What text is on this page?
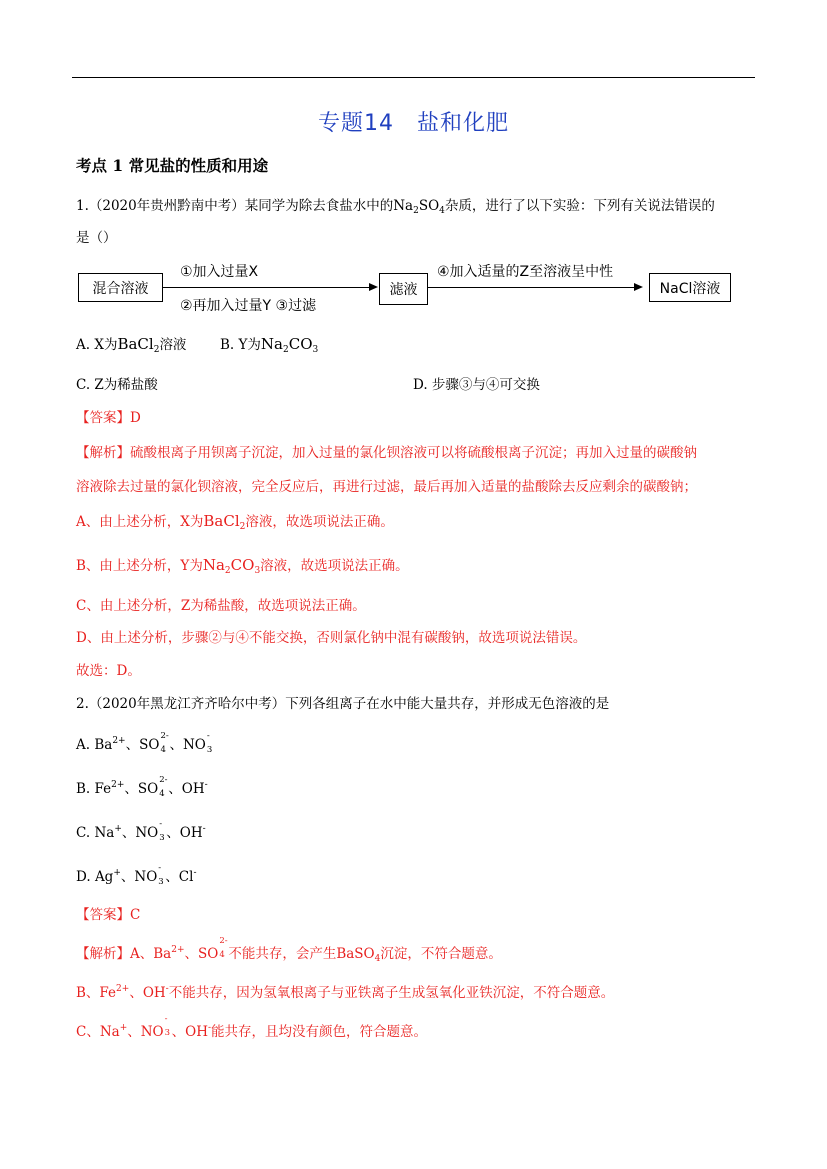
专题14　盐和化肥
考点 1 常见盐的性质和用途
1.（2020年贵州黔南中考）某同学为除去食盐水中的$Na_2SO_4$杂质，进行了以下实验：下列有关说法错误的
是（）
混合溶液
①加入过量X
②再加入过量Y ③过滤
滤液
④加入适量的Z至溶液呈中性
NaCl溶液
A. X为BaCl$_2$溶液 B. Y为$Na_2CO_3$
C. Z为稀盐酸	D. 步骤③与④可交换
【答案】D
【解析】硫酸根离子用钡离子沉淀，加入过量的氯化钡溶液可以将硫酸根离子沉淀；再加入过量的碳酸钠
溶液除去过量的氯化钡溶液，完全反应后，再进行过滤，最后再加入适量的盐酸除去反应剩余的碳酸钠；
A、由上述分析，X为BaCl$_2$溶液，故选项说法正确。
B、由上述分析，Y为$Na_2CO_3$溶液，故选项说法正确。
C、由上述分析，Z为稀盐酸，故选项说法正确。
D、由上述分析，步骤②与④不能交换，否则氯化钠中混有碳酸钠，故选项说法错误。
故选：D。
2.（2020年黑龙江齐齐哈尔中考）下列各组离子在水中能大量共存，并形成无色溶液的是
A. $Ba^{2+}$、SO
2-
4 、NO
-
3
B. $Fe^{2+}$、SO
2-
4 、OH-
C. Na+、NO
-
3 、OH-
D. Ag+、NO
-
3 、Cl-
【答案】C
【解析】A、$Ba^{2+}$、SO
2-
4 不能共存，会产生BaSO$_4$沉淀，不符合题意。
B、$Fe^{2+}$、OH-不能共存，因为氢氧根离子与亚铁离子生成氢氧化亚铁沉淀，不符合题意。
C、Na+、NO
-
3 、OH-能共存，且均没有颜色，符合题意。
